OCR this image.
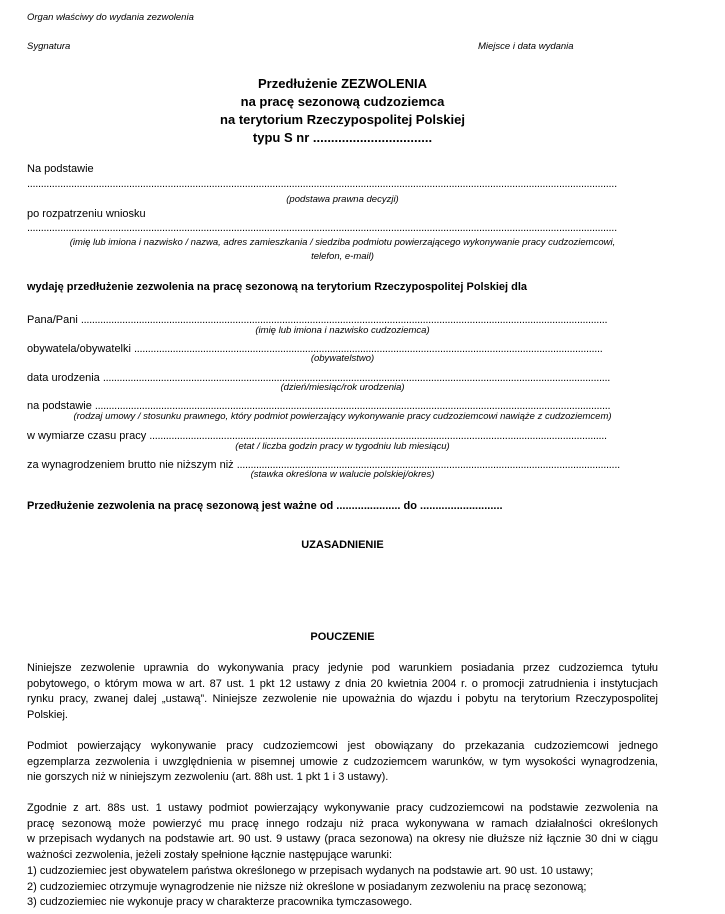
Organ właściwy do wydania zezwolenia
Sygnatura	Miejsce i data wydania
Przedłużenie ZEZWOLENIA
na pracę sezonową cudzoziemca
na terytorium Rzeczypospolitej Polskiej
typu S nr .................................
Na podstawie
......................................................................................................................................................................................................................
(podstawa prawna decyzji)
po rozpatrzeniu wniosku
......................................................................................................................................................................................................................
(imię lub imiona i nazwisko / nazwa, adres zamieszkania / siedziba podmiotu powierzającego wykonywanie pracy cudzoziemcowi,
telefon, e-mail)
wydaję przedłużenie zezwolenia na pracę sezonową na terytorium Rzeczypospolitej Polskiej dla
Pana/Pani ...............................................................................................................................................................................................
(imię lub imiona i nazwisko cudzoziemca)
obywatela/obywatelki ..........................................................................................................................................................................
(obywatelstwo)
data urodzenia ........................................................................................................................................................................................
(dzień/miesiąc/rok urodzenia)
na podstawie ...........................................................................................................................................................................................
(rodzaj umowy / stosunku prawnego, który podmiot powierzający wykonywanie pracy cudzoziemcowi nawiąże z cudzoziemcem)
w wymiarze czasu pracy ......................................................................................................................................................................
(etat / liczba godzin pracy w tygodniu lub miesiącu)
za wynagrodzeniem brutto nie niższym niż ...........................................................................................................................................
(stawka określona w walucie polskiej/okres)
Przedłużenie zezwolenia na pracę sezonową jest ważne od ..................... do ...........................
UZASADNIENIE
POUCZENIE
Niniejsze zezwolenie uprawnia do wykonywania pracy jedynie pod warunkiem posiadania przez cudzoziemca tytułu
pobytowego, o którym mowa w art. 87 ust. 1 pkt 12 ustawy z dnia 20 kwietnia 2004 r. o promocji zatrudnienia i instytucjach
rynku pracy, zwanej dalej „ustawą”. Niniejsze zezwolenie nie upoważnia do wjazdu i pobytu na terytorium Rzeczypospolitej
Polskiej.
Podmiot powierzający wykonywanie pracy cudzoziemcowi jest obowiązany do przekazania cudzoziemcowi jednego
egzemplarza zezwolenia i uwzględnienia w pisemnej umowie z cudzoziemcem warunków, w tym wysokości wynagrodzenia,
nie gorszych niż w niniejszym zezwoleniu (art. 88h ust. 1 pkt 1 i 3 ustawy).
Zgodnie z art. 88s ust. 1 ustawy podmiot powierzający wykonywanie pracy cudzoziemcowi na podstawie zezwolenia na
pracę sezonową może powierzyć mu pracę innego rodzaju niż praca wykonywana w ramach działalności określonych
w przepisach wydanych na podstawie art. 90 ust. 9 ustawy (praca sezonowa) na okresy nie dłuższe niż łącznie 30 dni w ciągu
ważności zezwolenia, jeżeli zostały spełnione łącznie następujące warunki:
1) cudzoziemiec jest obywatelem państwa określonego w przepisach wydanych na podstawie art. 90 ust. 10 ustawy;
2) cudzoziemiec otrzymuje wynagrodzenie nie niższe niż określone w posiadanym zezwoleniu na pracę sezonową;
3) cudzoziemiec nie wykonuje pracy w charakterze pracownika tymczasowego.
